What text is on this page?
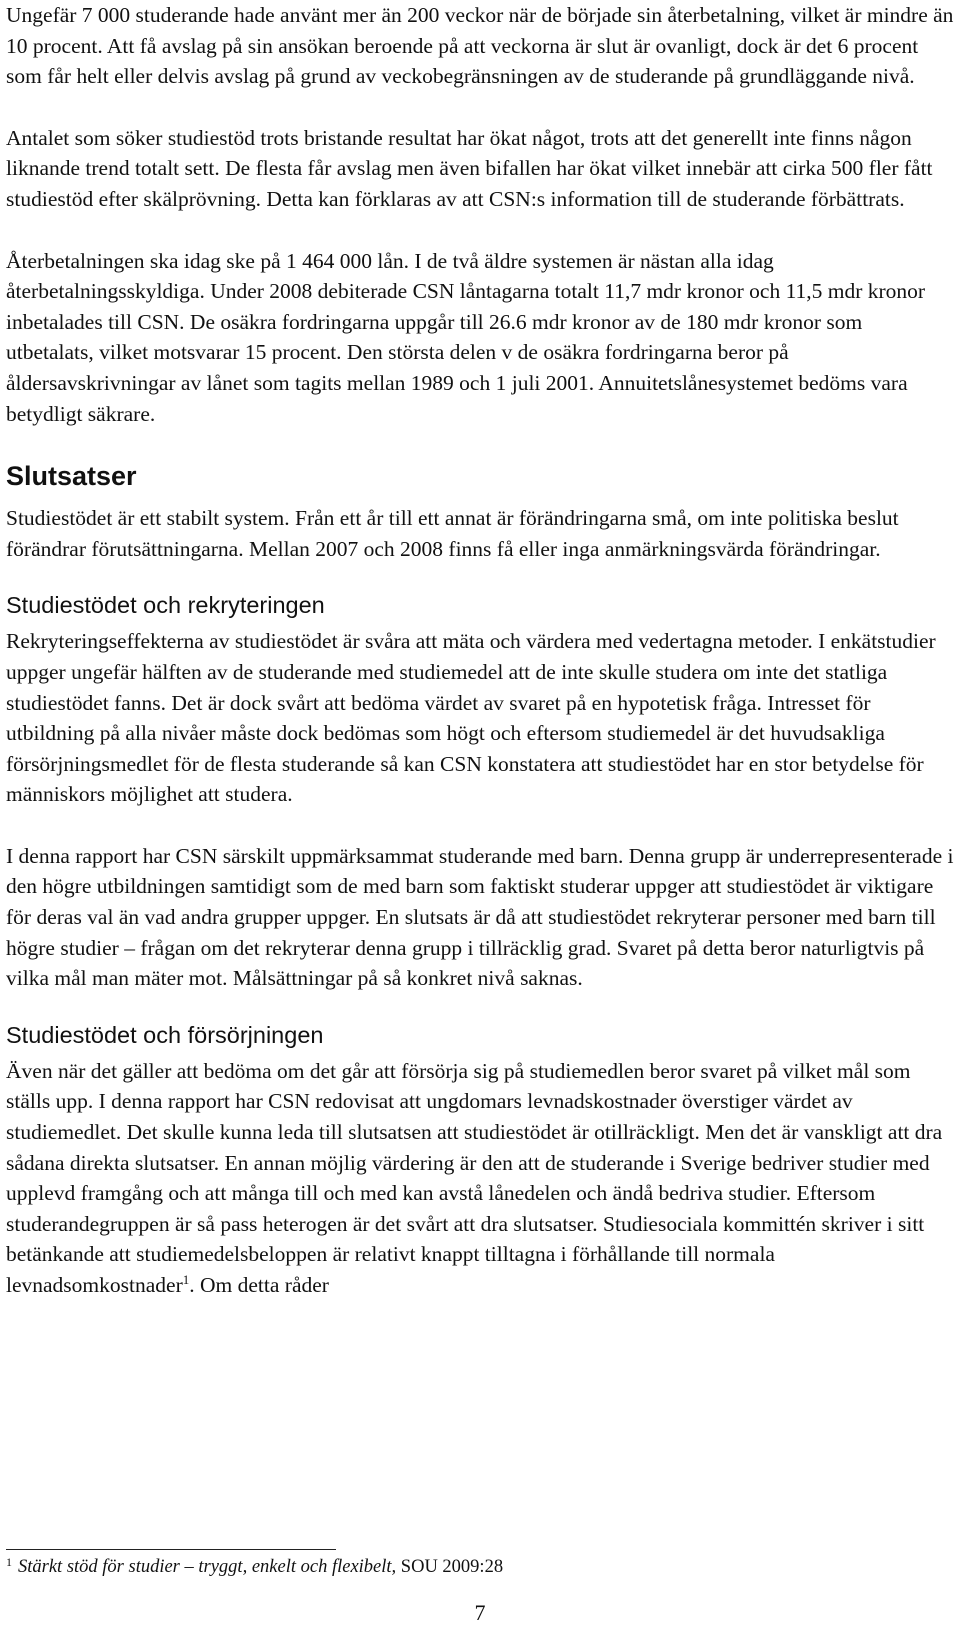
Ungefär 7 000 studerande hade använt mer än 200 veckor när de började sin återbetalning, vilket är mindre än 10 procent. Att få avslag på sin ansökan beroende på att veckorna är slut är ovanligt, dock är det 6 procent som får helt eller delvis avslag på grund av veckobegränsningen av de studerande på grundläggande nivå.

Antalet som söker studiestöd trots bristande resultat har ökat något, trots att det generellt inte finns någon liknande trend totalt sett. De flesta får avslag men även bifallen har ökat vilket innebär att cirka 500 fler fått studiestöd efter skälprövning. Detta kan förklaras av att CSN:s information till de studerande förbättrats.

Återbetalningen ska idag ske på 1 464 000 lån. I de två äldre systemen är nästan alla idag återbetalningsskyldiga. Under 2008 debiterade CSN låntagarna totalt 11,7 mdr kronor och 11,5 mdr kronor inbetalades till CSN. De osäkra fordringarna uppgår till 26.6 mdr kronor av de 180 mdr kronor som utbetalats, vilket motsvarar 15 procent. Den största delen v de osäkra fordringarna beror på åldersavskrivningar av lånet som tagits mellan 1989 och 1 juli 2001. Annuitetslånesystemet bedöms vara betydligt säkrare.

Slutsatser

Studiestödet är ett stabilt system. Från ett år till ett annat är förändringarna små, om inte politiska beslut förändrar förutsättningarna. Mellan 2007 och 2008 finns få eller inga anmärkningsvärda förändringar.

Studiestödet och rekryteringen

Rekryteringseffekterna av studiestödet är svåra att mäta och värdera med vedertagna metoder. I enkätstudier uppger ungefär hälften av de studerande med studiemedel att de inte skulle studera om inte det statliga studiestödet fanns. Det är dock svårt att bedöma värdet av svaret på en hypotetisk fråga. Intresset för utbildning på alla nivåer måste dock bedömas som högt och eftersom studiemedel är det huvudsakliga försörjningsmedlet för de flesta studerande så kan CSN konstatera att studiestödet har en stor betydelse för människors möjlighet att studera.

I denna rapport har CSN särskilt uppmärksammat studerande med barn. Denna grupp är underrepresenterade i den högre utbildningen samtidigt som de med barn som faktiskt studerar uppger att studiestödet är viktigare för deras val än vad andra grupper uppger. En slutsats är då att studiestödet rekryterar personer med barn till högre studier – frågan om det rekryterar denna grupp i tillräcklig grad. Svaret på detta beror naturligtvis på vilka mål man mäter mot. Målsättningar på så konkret nivå saknas.

Studiestödet och försörjningen

Även när det gäller att bedöma om det går att försörja sig på studiemedlen beror svaret på vilket mål som ställs upp. I denna rapport har CSN redovisat att ungdomars levnadskostnader överstiger värdet av studiemedlet. Det skulle kunna leda till slutsatsen att studiestödet är otillräckligt. Men det är vanskligt att dra sådana direkta slutsatser. En annan möjlig värdering är den att de studerande i Sverige bedriver studier med upplevd framgång och att många till och med kan avstå lånedelen och ändå bedriva studier. Eftersom studerandegruppen är så pass heterogen är det svårt att dra slutsatser. Studiesociala kommittén skriver i sitt betänkande att studiemedelsbeloppen är relativt knappt tilltagna i förhållande till normala levnadsomkostnader$^1$. Om detta råder

$^1$ Stärkt stöd för studier – tryggt, enkelt och flexibelt, SOU 2009:28
7
